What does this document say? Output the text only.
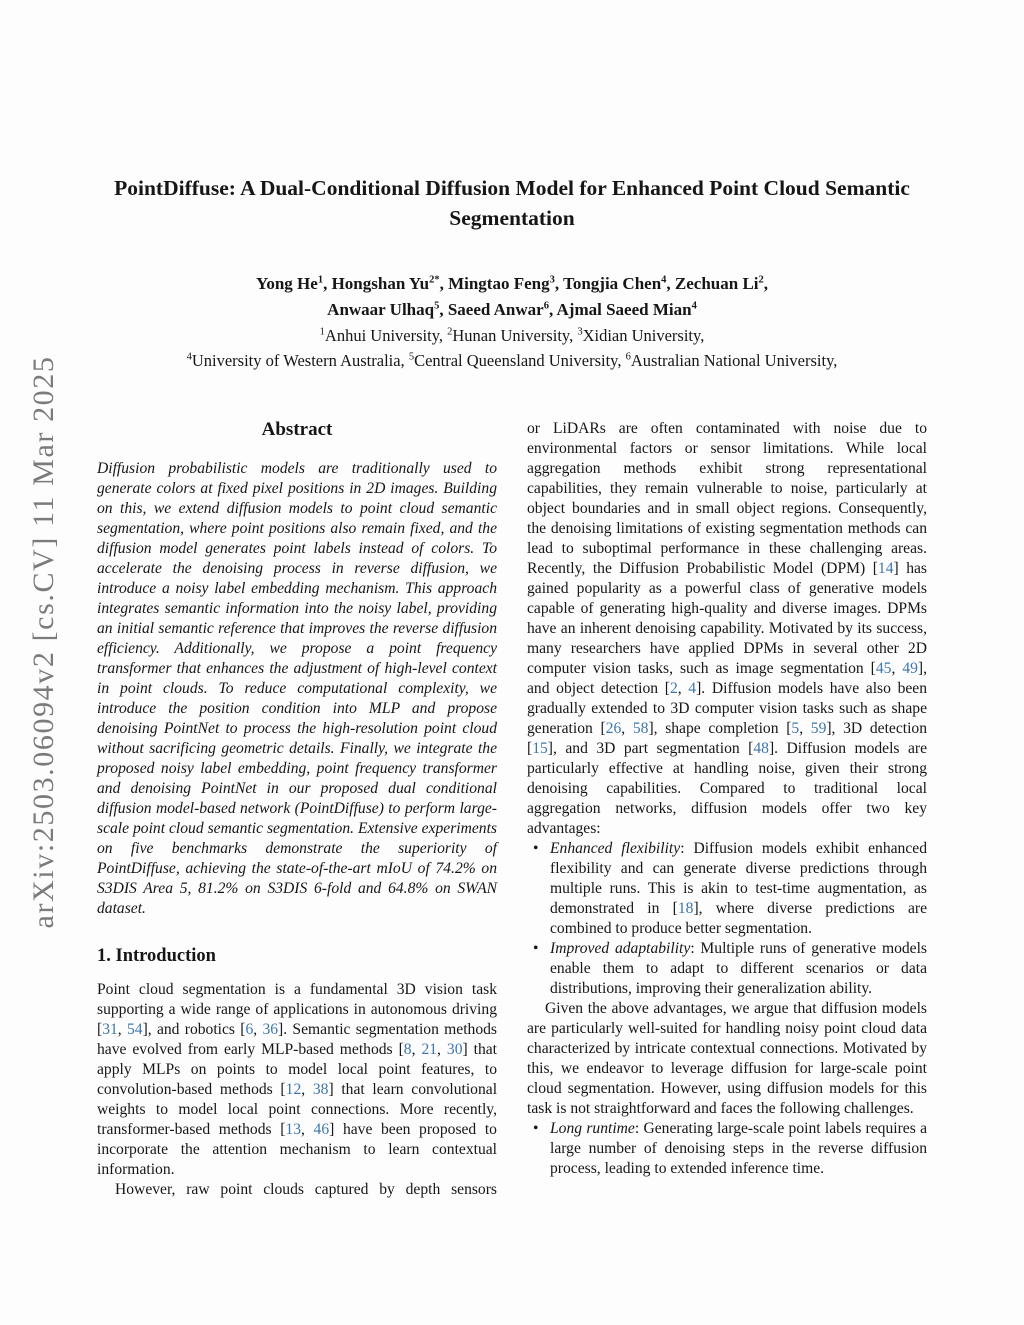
arXiv:2503.06094v2 [cs.CV] 11 Mar 2025
PointDiffuse: A Dual-Conditional Diffusion Model for Enhanced Point Cloud Semantic Segmentation
Yong He$^1$, Hongshan $Yu^{2*}$, Mingtao Feng$^3$, Tongjia Chen$^4$, Zechuan Li$^2$,
Anwaar Ulhaq$^5$, Saeed Anwar$^6$, Ajmal Saeed Mian$^4$
$^1$Anhui University, $^2$Hunan University, $^3$Xidian University,
$^4$University of Western Australia, $^5$Central Queensland University, $^6$Australian National University,
Abstract

Diffusion probabilistic models are traditionally used to generate colors at fixed pixel positions in 2D images. Building on this, we extend diffusion models to point cloud semantic segmentation, where point positions also remain fixed, and the diffusion model generates point labels instead of colors. To accelerate the denoising process in reverse diffusion, we introduce a noisy label embedding mechanism. This approach integrates semantic information into the noisy label, providing an initial semantic reference that improves the reverse diffusion efficiency. Additionally, we propose a point frequency transformer that enhances the adjustment of high-level context in point clouds. To reduce computational complexity, we introduce the position condition into MLP and propose denoising PointNet to process the high-resolution point cloud without sacrificing geometric details. Finally, we integrate the proposed noisy label embedding, point frequency transformer and denoising PointNet in our proposed dual conditional diffusion model-based network (PointDiffuse) to perform large-scale point cloud semantic segmentation. Extensive experiments on five benchmarks demonstrate the superiority of PointDiffuse, achieving the state-of-the-art mIoU of 74.2% on S3DIS Area 5, 81.2% on S3DIS 6-fold and 64.8% on SWAN dataset.

1. Introduction

Point cloud segmentation is a fundamental 3D vision task supporting a wide range of applications in autonomous driving [31, 54], and robotics [6, 36]. Semantic segmentation methods have evolved from early MLP-based methods [8, 21, 30] that apply MLPs on points to model local point features, to convolution-based methods [12, 38] that learn convolutional weights to model local point connections. More recently, transformer-based methods [13, 46] have been proposed to incorporate the attention mechanism to learn contextual information.

However, raw point clouds captured by depth sensors

or LiDARs are often contaminated with noise due to environmental factors or sensor limitations. While local aggregation methods exhibit strong representational capabilities, they remain vulnerable to noise, particularly at object boundaries and in small object regions. Consequently, the denoising limitations of existing segmentation methods can lead to suboptimal performance in these challenging areas. Recently, the Diffusion Probabilistic Model (DPM) [14] has gained popularity as a powerful class of generative models capable of generating high-quality and diverse images. DPMs have an inherent denoising capability. Motivated by its success, many researchers have applied DPMs in several other 2D computer vision tasks, such as image segmentation [45, 49], and object detection [2, 4]. Diffusion models have also been gradually extended to 3D computer vision tasks such as shape generation [26, 58], shape completion [5, 59], 3D detection [15], and 3D part segmentation [48]. Diffusion models are particularly effective at handling noise, given their strong denoising capabilities. Compared to traditional local aggregation networks, diffusion models offer two key advantages:

• Enhanced flexibility: Diffusion models exhibit enhanced flexibility and can generate diverse predictions through multiple runs. This is akin to test-time augmentation, as demonstrated in [18], where diverse predictions are combined to produce better segmentation.
• Improved adaptability: Multiple runs of generative models enable them to adapt to different scenarios or data distributions, improving their generalization ability.

Given the above advantages, we argue that diffusion models are particularly well-suited for handling noisy point cloud data characterized by intricate contextual connections. Motivated by this, we endeavor to leverage diffusion for large-scale point cloud segmentation. However, using diffusion models for this task is not straightforward and faces the following challenges.

• Long runtime: Generating large-scale point labels requires a large number of denoising steps in the reverse diffusion process, leading to extended inference time.
